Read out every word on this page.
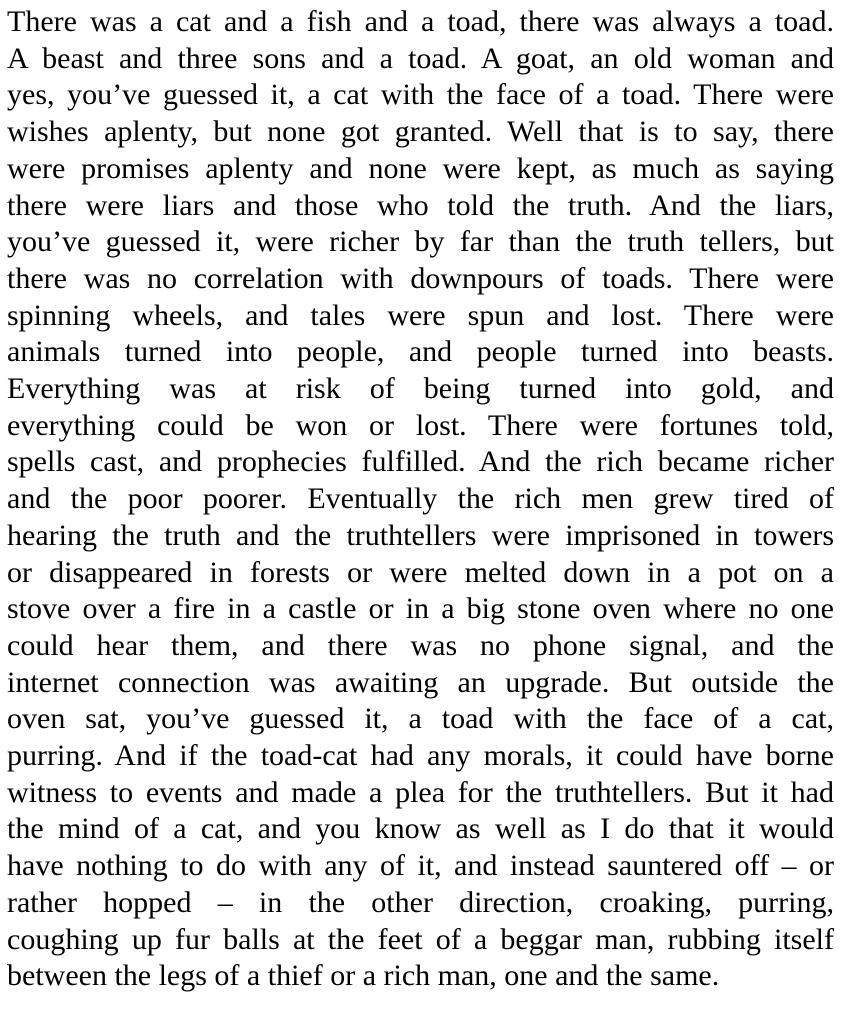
There was a cat and a fish and a toad, there was always a toad.
A beast and three sons and a toad. A goat, an old woman and
yes, you’ve guessed it, a cat with the face of a toad. There were
wishes aplenty, but none got granted. Well that is to say, there
were promises aplenty and none were kept, as much as saying
there were liars and those who told the truth. And the liars,
you’ve guessed it, were richer by far than the truth tellers, but
there was no correlation with downpours of toads. There were
spinning wheels, and tales were spun and lost. There were
animals turned into people, and people turned into beasts.
Everything was at risk of being turned into gold, and
everything could be won or lost. There were fortunes told,
spells cast, and prophecies fulfilled. And the rich became richer
and the poor poorer. Eventually the rich men grew tired of
hearing the truth and the truthtellers were imprisoned in towers
or disappeared in forests or were melted down in a pot on a
stove over a fire in a castle or in a big stone oven where no one
could hear them, and there was no phone signal, and the
internet connection was awaiting an upgrade. But outside the
oven sat, you’ve guessed it, a toad with the face of a cat,
purring. And if the toad-cat had any morals, it could have borne
witness to events and made a plea for the truthtellers. But it had
the mind of a cat, and you know as well as I do that it would
have nothing to do with any of it, and instead sauntered off – or
rather hopped – in the other direction, croaking, purring,
coughing up fur balls at the feet of a beggar man, rubbing itself
between the legs of a thief or a rich man, one and the same.
